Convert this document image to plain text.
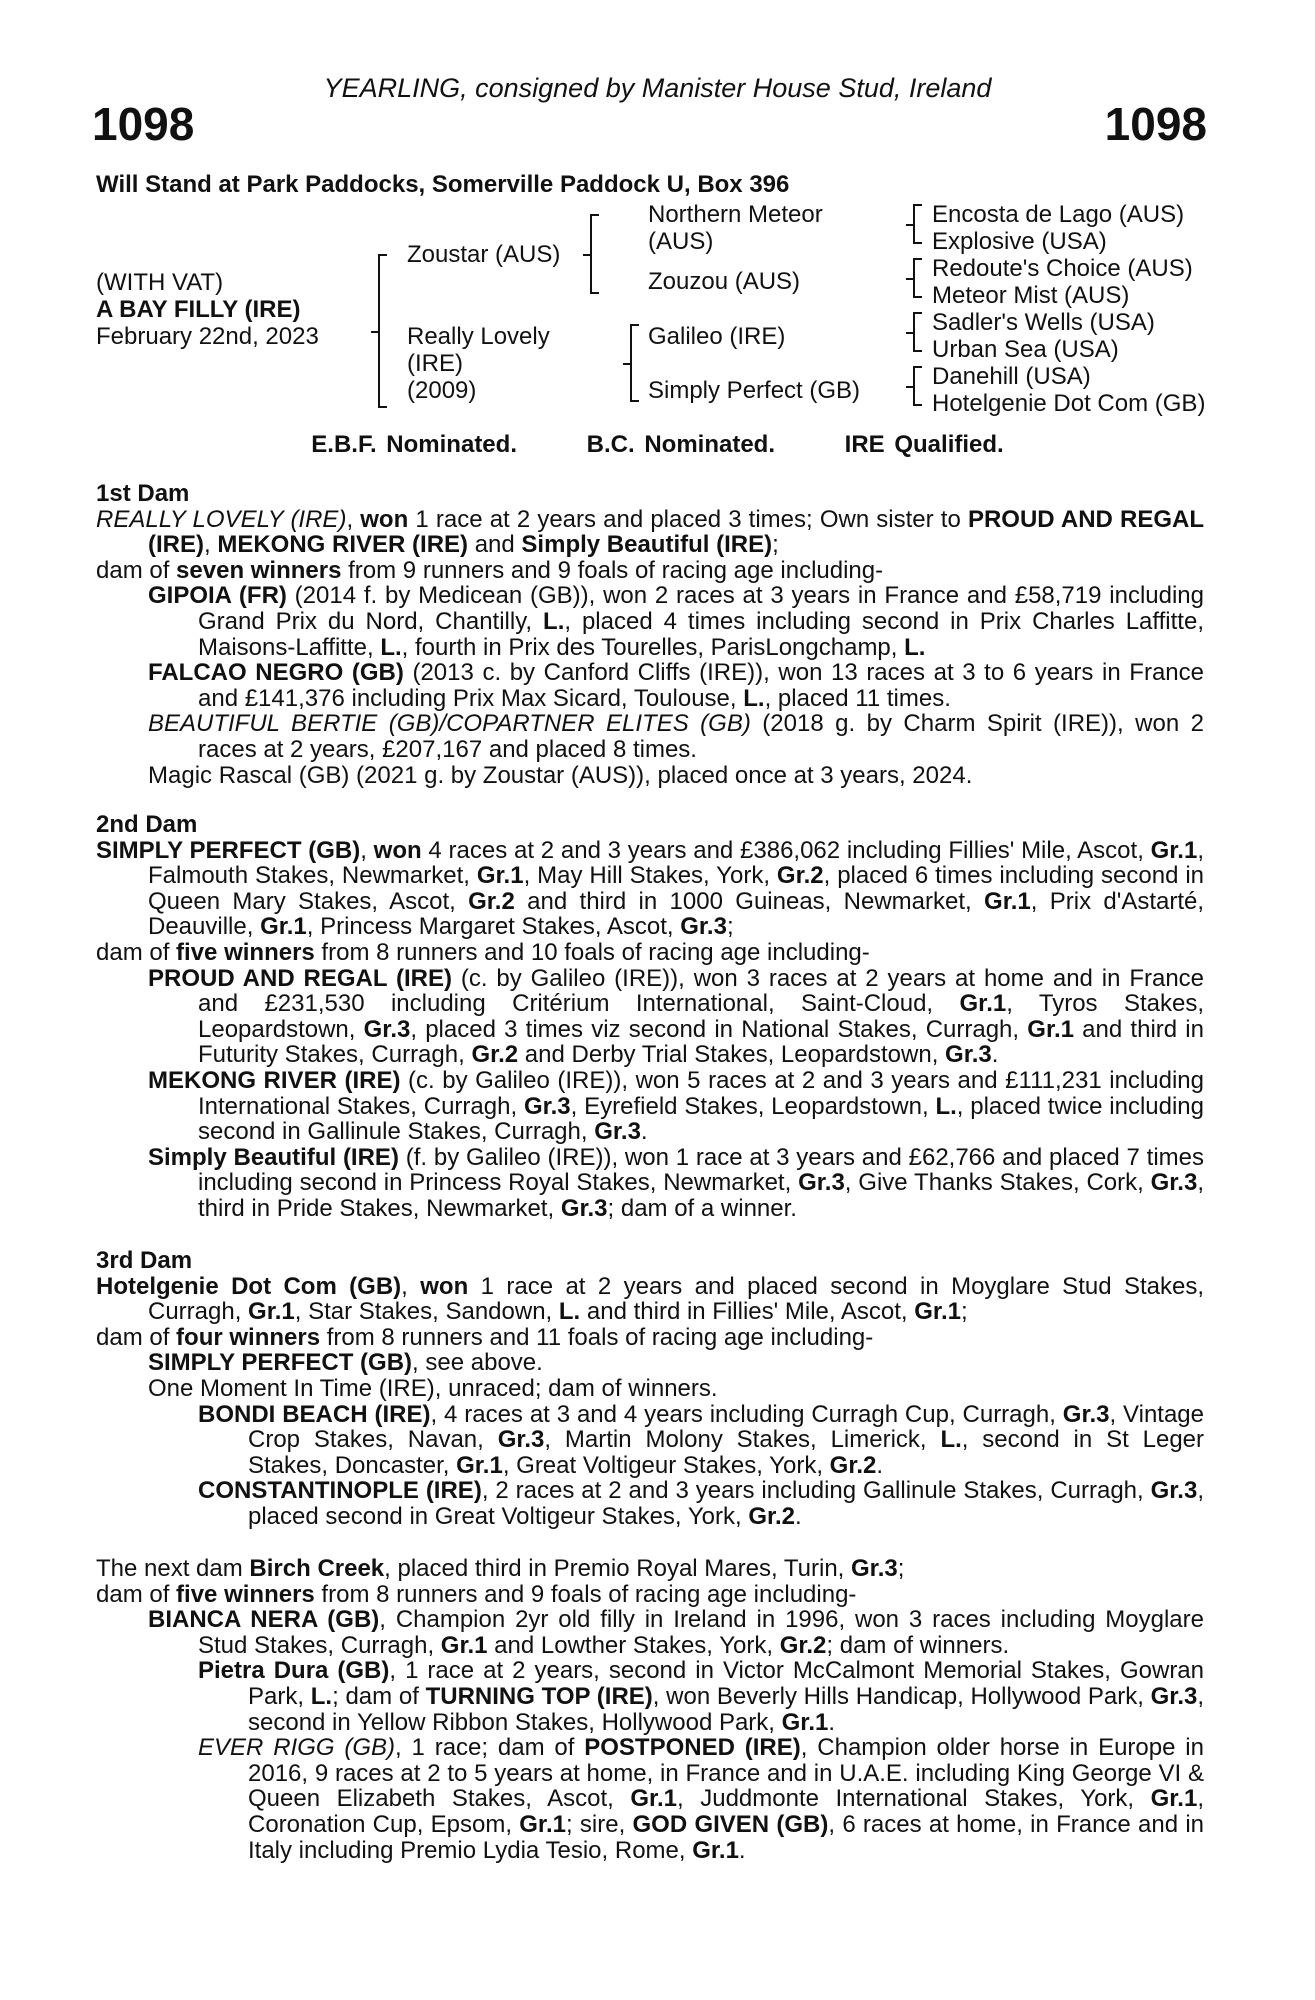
YEARLING, consigned by Manister House Stud, Ireland
1098	1098
Will Stand at Park Paddocks, Somerville Paddock U, Box 396
(WITH VAT)
A BAY FILLY (IRE)
February 22nd, 2023
Zoustar (AUS)
Really Lovely
(IRE)
(2009)
Northern Meteor
(AUS)
Zouzou (AUS)
Galileo (IRE)
Simply Perfect (GB)
Encosta de Lago (AUS)
Explosive (USA)
Redoute's Choice (AUS)
Meteor Mist (AUS)
Sadler's Wells (USA)
Urban Sea (USA)
Danehill (USA)
Hotelgenie Dot Com (GB)
E.B.F. Nominated.	B.C. Nominated.	IRE Qualified.
1st Dam
REALLY LOVELY (IRE), won 1 race at 2 years and placed 3 times; Own sister to PROUD AND REGAL (IRE), MEKONG RIVER (IRE) and Simply Beautiful (IRE);
dam of seven winners from 9 runners and 9 foals of racing age including-
GIPOIA (FR) (2014 f. by Medicean (GB)), won 2 races at 3 years in France and £58,719 including Grand Prix du Nord, Chantilly, L., placed 4 times including second in Prix Charles Laffitte, Maisons-Laffitte, L., fourth in Prix des Tourelles, ParisLongchamp, L.
FALCAO NEGRO (GB) (2013 c. by Canford Cliffs (IRE)), won 13 races at 3 to 6 years in France and £141,376 including Prix Max Sicard, Toulouse, L., placed 11 times.
BEAUTIFUL BERTIE (GB)/COPARTNER ELITES (GB) (2018 g. by Charm Spirit (IRE)), won 2 races at 2 years, £207,167 and placed 8 times.
Magic Rascal (GB) (2021 g. by Zoustar (AUS)), placed once at 3 years, 2024.
2nd Dam
SIMPLY PERFECT (GB), won 4 races at 2 and 3 years and £386,062 including Fillies' Mile, Ascot, Gr.1, Falmouth Stakes, Newmarket, Gr.1, May Hill Stakes, York, Gr.2, placed 6 times including second in Queen Mary Stakes, Ascot, Gr.2 and third in 1000 Guineas, Newmarket, Gr.1, Prix d'Astarté, Deauville, Gr.1, Princess Margaret Stakes, Ascot, Gr.3;
dam of five winners from 8 runners and 10 foals of racing age including-
PROUD AND REGAL (IRE) (c. by Galileo (IRE)), won 3 races at 2 years at home and in France and £231,530 including Critérium International, Saint-Cloud, Gr.1, Tyros Stakes, Leopardstown, Gr.3, placed 3 times viz second in National Stakes, Curragh, Gr.1 and third in Futurity Stakes, Curragh, Gr.2 and Derby Trial Stakes, Leopardstown, Gr.3.
MEKONG RIVER (IRE) (c. by Galileo (IRE)), won 5 races at 2 and 3 years and £111,231 including International Stakes, Curragh, Gr.3, Eyrefield Stakes, Leopardstown, L., placed twice including second in Gallinule Stakes, Curragh, Gr.3.
Simply Beautiful (IRE) (f. by Galileo (IRE)), won 1 race at 3 years and £62,766 and placed 7 times including second in Princess Royal Stakes, Newmarket, Gr.3, Give Thanks Stakes, Cork, Gr.3, third in Pride Stakes, Newmarket, Gr.3; dam of a winner.
3rd Dam
Hotelgenie Dot Com (GB), won 1 race at 2 years and placed second in Moyglare Stud Stakes, Curragh, Gr.1, Star Stakes, Sandown, L. and third in Fillies' Mile, Ascot, Gr.1;
dam of four winners from 8 runners and 11 foals of racing age including-
SIMPLY PERFECT (GB), see above.
One Moment In Time (IRE), unraced; dam of winners.
BONDI BEACH (IRE), 4 races at 3 and 4 years including Curragh Cup, Curragh, Gr.3, Vintage Crop Stakes, Navan, Gr.3, Martin Molony Stakes, Limerick, L., second in St Leger Stakes, Doncaster, Gr.1, Great Voltigeur Stakes, York, Gr.2.
CONSTANTINOPLE (IRE), 2 races at 2 and 3 years including Gallinule Stakes, Curragh, Gr.3, placed second in Great Voltigeur Stakes, York, Gr.2.
The next dam Birch Creek, placed third in Premio Royal Mares, Turin, Gr.3;
dam of five winners from 8 runners and 9 foals of racing age including-
BIANCA NERA (GB), Champion 2yr old filly in Ireland in 1996, won 3 races including Moyglare Stud Stakes, Curragh, Gr.1 and Lowther Stakes, York, Gr.2; dam of winners.
Pietra Dura (GB), 1 race at 2 years, second in Victor McCalmont Memorial Stakes, Gowran Park, L.; dam of TURNING TOP (IRE), won Beverly Hills Handicap, Hollywood Park, Gr.3, second in Yellow Ribbon Stakes, Hollywood Park, Gr.1.
EVER RIGG (GB), 1 race; dam of POSTPONED (IRE), Champion older horse in Europe in 2016, 9 races at 2 to 5 years at home, in France and in U.A.E. including King George VI & Queen Elizabeth Stakes, Ascot, Gr.1, Juddmonte International Stakes, York, Gr.1, Coronation Cup, Epsom, Gr.1; sire, GOD GIVEN (GB), 6 races at home, in France and in Italy including Premio Lydia Tesio, Rome, Gr.1.
